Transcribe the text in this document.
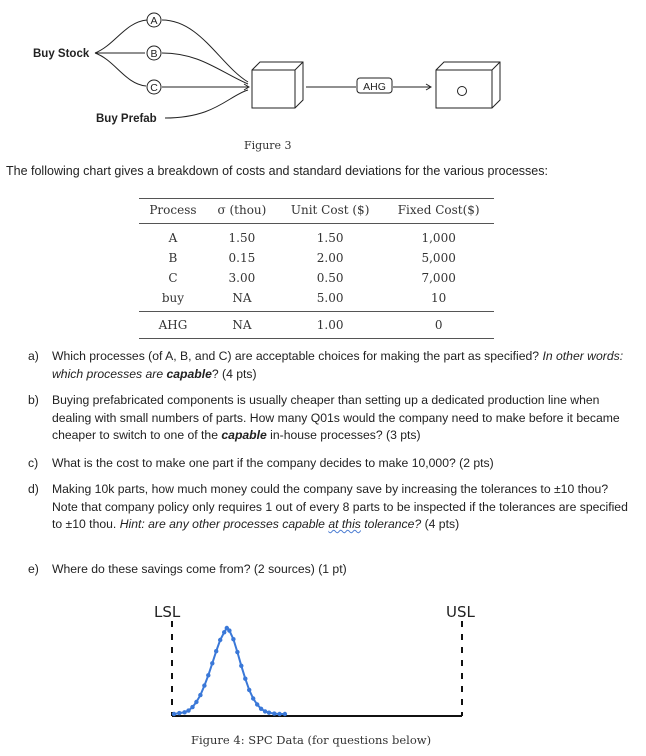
Buy Stock
Buy Prefab
A
B
C	AHG
Figure 3
The following chart gives a breakdown of costs and standard deviations for the various processes:
Process	σ (thou)	Unit Cost ($)	Fixed Cost($)
A	1.50	1.50	1,000
B	0.15	2.00	5,000
C	3.00	0.50	7,000
buy	NA	5.00	10
AHG	NA	1.00	0
a) Which processes (of A, B, and C) are acceptable choices for making the part as specified? In other words: which processes are capable? (4 pts)
b) Buying prefabricated components is usually cheaper than setting up a dedicated production line when dealing with small numbers of parts. How many Q01s would the company need to make before it became cheaper to switch to one of the capable in-house processes? (3 pts)
c) What is the cost to make one part if the company decides to make 10,000? (2 pts)
d) Making 10k parts, how much money could the company save by increasing the tolerances to ±10 thou? Note that company policy only requires 1 out of every 8 parts to be inspected if the tolerances are specified to ±10 thou. Hint: are any other processes capable at this tolerance? (4 pts)
e) Where do these savings come from? (2 sources) (1 pt)
LSL	USL
Figure 4: SPC Data (for questions below)
